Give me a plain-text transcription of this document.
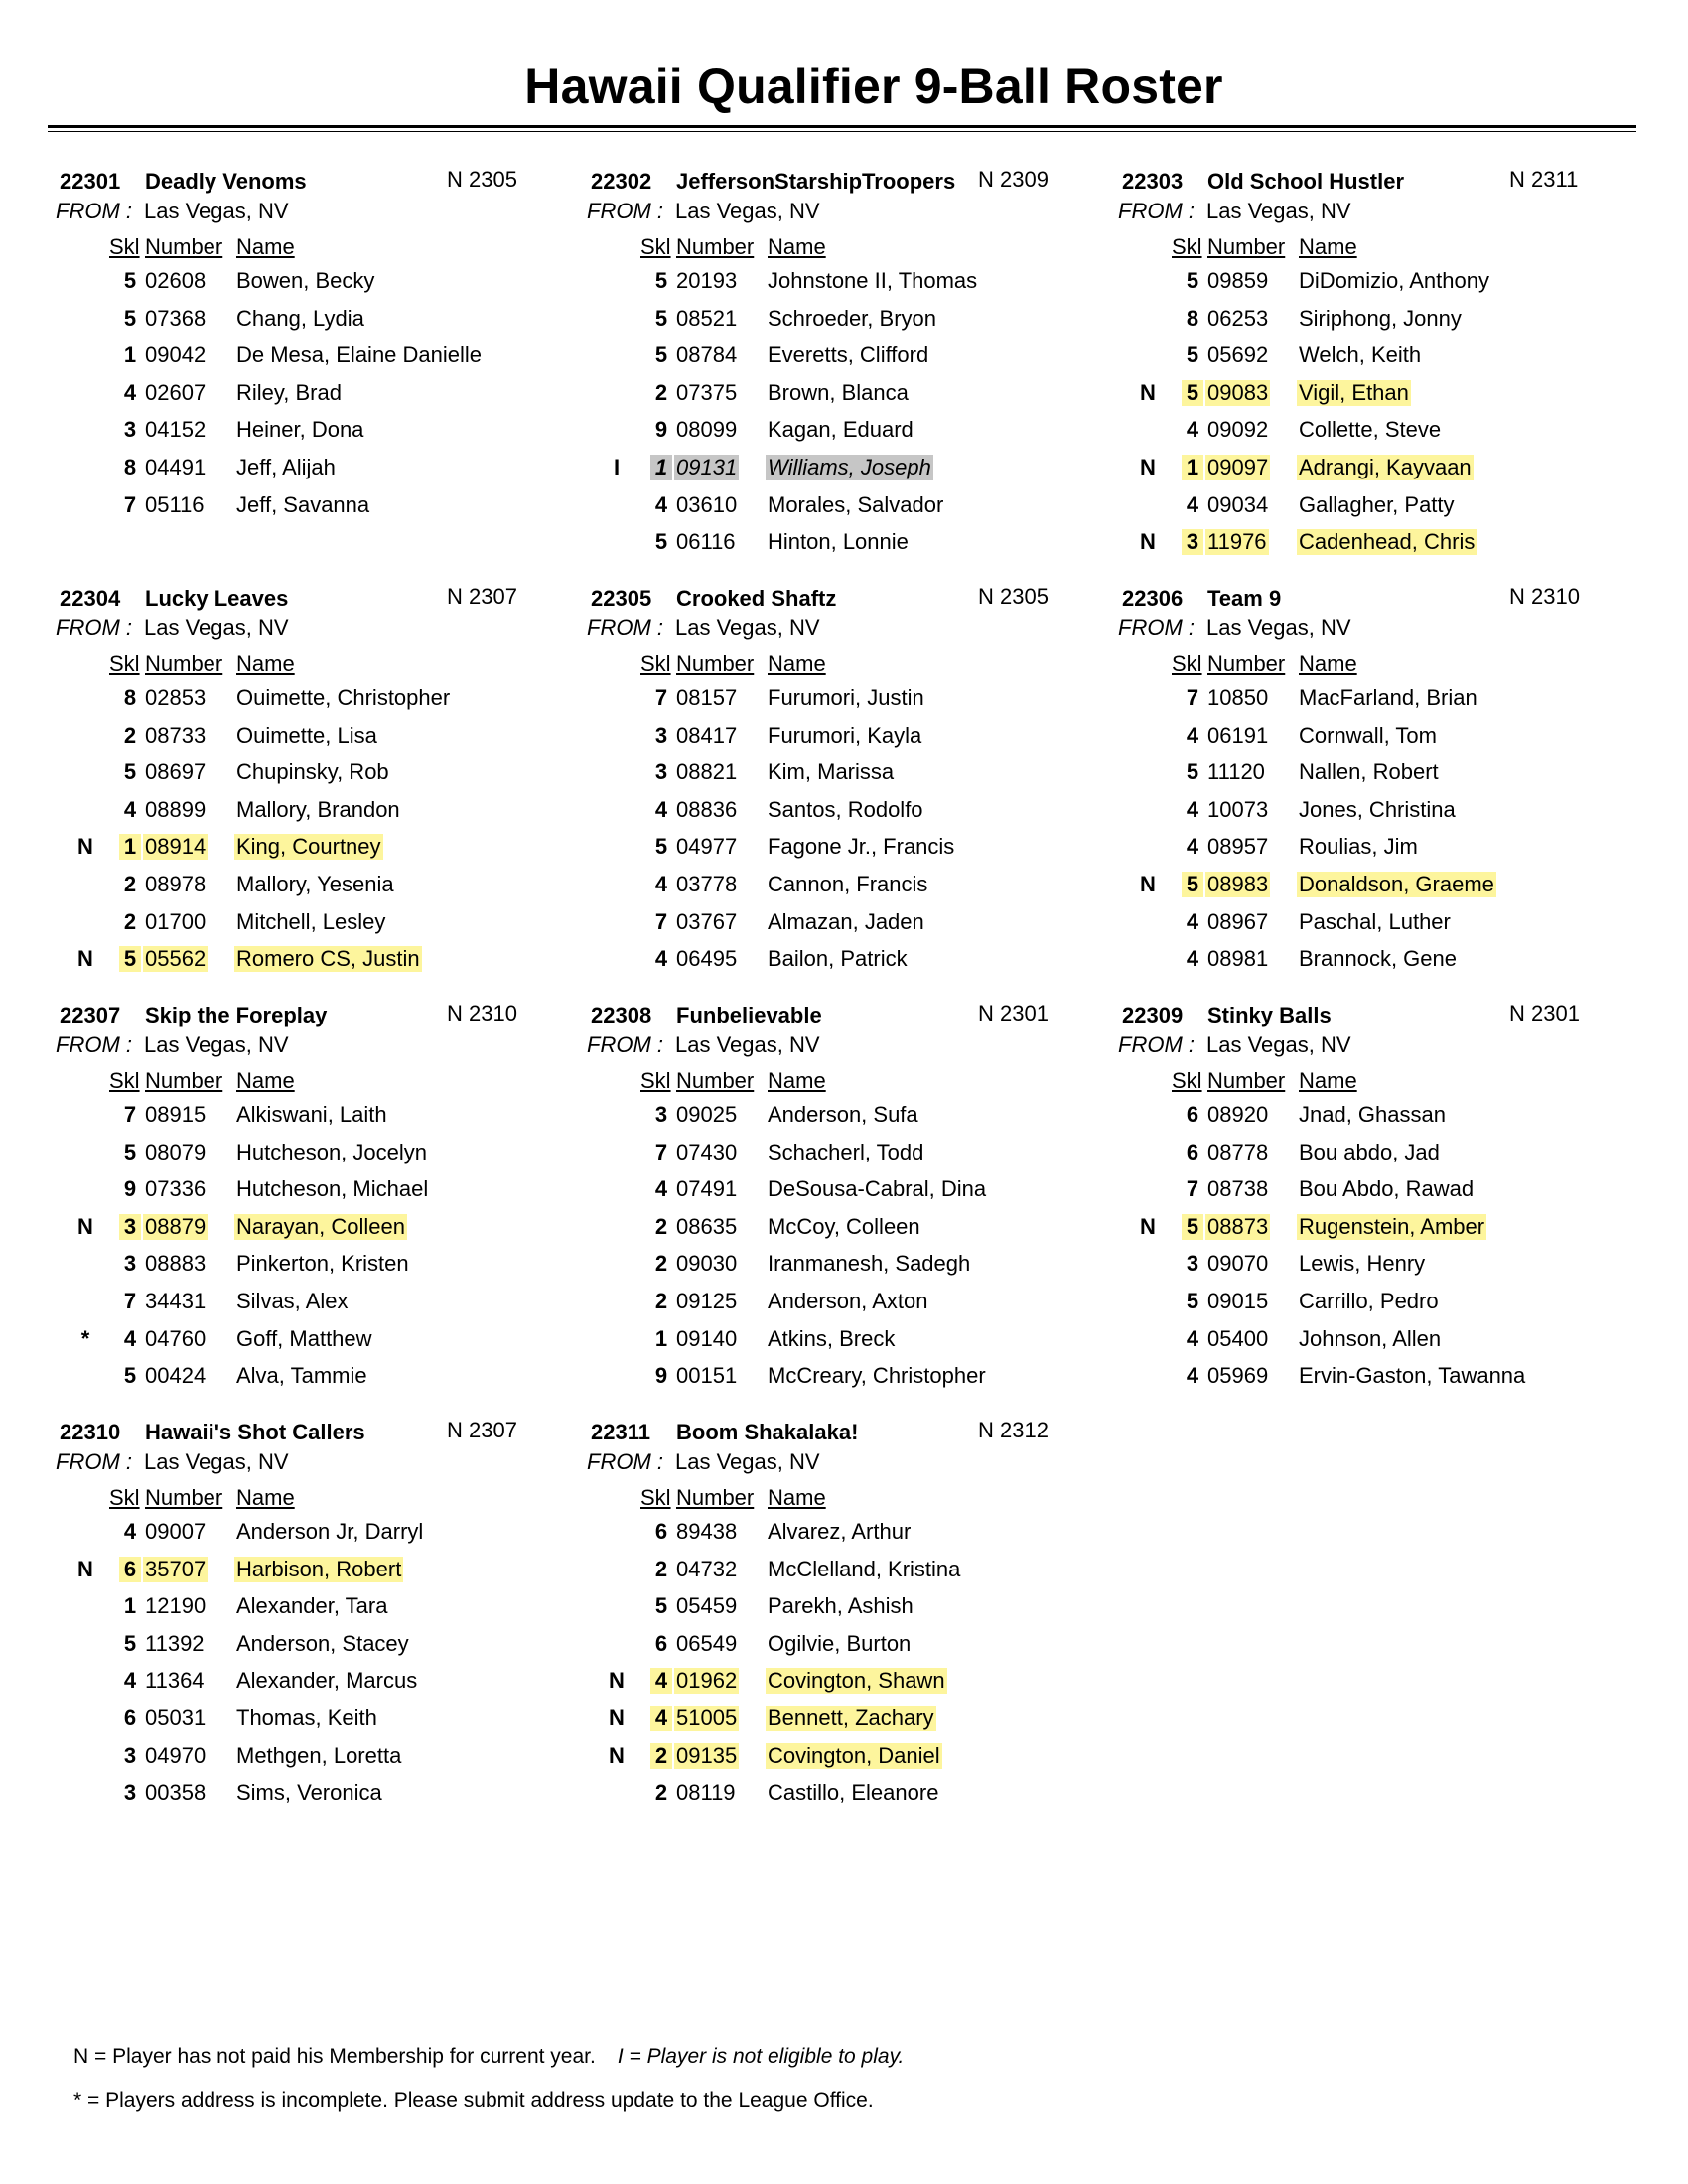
Hawaii Qualifier 9-Ball Roster
22301 Deadly Venoms	N 2305
FROM : Las Vegas, NV
Skl Number Name
5 02608 Bowen, Becky
5 07368 Chang, Lydia
1 09042 De Mesa, Elaine Danielle
4 02607 Riley, Brad
3 04152 Heiner, Dona
8 04491 Jeff, Alijah
7 05116 Jeff, Savanna
22302 JeffersonStarshipTroopers N 2309
FROM : Las Vegas, NV
Skl Number Name
5 20193 Johnstone II, Thomas
5 08521 Schroeder, Bryon
5 08784 Everetts, Clifford
2 07375 Brown, Blanca
9 08099 Kagan, Eduard
I	1 09131 Williams, Joseph
4 03610 Morales, Salvador
5 06116 Hinton, Lonnie
22303 Old School Hustler	N 2311
FROM : Las Vegas, NV
Skl Number Name
5 09859 DiDomizio, Anthony
8 06253 Siriphong, Jonny
5 05692 Welch, Keith
N 5 09083 Vigil, Ethan
4 09092 Collette, Steve
N 1 09097 Adrangi, Kayvaan
4 09034 Gallagher, Patty
N 3 11976 Cadenhead, Chris
22304 Lucky Leaves	N 2307
FROM : Las Vegas, NV
Skl Number Name
8 02853 Ouimette, Christopher
2 08733 Ouimette, Lisa
5 08697 Chupinsky, Rob
4 08899 Mallory, Brandon
N 1 08914 King, Courtney
2 08978 Mallory, Yesenia
2 01700 Mitchell, Lesley
N 5 05562 Romero CS, Justin
22305 Crooked Shaftz	N 2305
FROM : Las Vegas, NV
Skl Number Name
7 08157 Furumori, Justin
3 08417 Furumori, Kayla
3 08821 Kim, Marissa
4 08836 Santos, Rodolfo
5 04977 Fagone Jr., Francis
4 03778 Cannon, Francis
7 03767 Almazan, Jaden
4 06495 Bailon, Patrick
22306 Team 9	N 2310
FROM : Las Vegas, NV
Skl Number Name
7 10850 MacFarland, Brian
4 06191 Cornwall, Tom
5 11120 Nallen, Robert
4 10073 Jones, Christina
4 08957 Roulias, Jim
N 5 08983 Donaldson, Graeme
4 08967 Paschal, Luther
4 08981 Brannock, Gene
22307 Skip the Foreplay	N 2310
FROM : Las Vegas, NV
Skl Number Name
7 08915 Alkiswani, Laith
5 08079 Hutcheson, Jocelyn
9 07336 Hutcheson, Michael
N 3 08879 Narayan, Colleen
3 08883 Pinkerton, Kristen
7 34431 Silvas, Alex
* 4 04760 Goff, Matthew
5 00424 Alva, Tammie
22308 Funbelievable	N 2301
FROM : Las Vegas, NV
Skl Number Name
3 09025 Anderson, Sufa
7 07430 Schacherl, Todd
4 07491 DeSousa-Cabral, Dina
2 08635 McCoy, Colleen
2 09030 Iranmanesh, Sadegh
2 09125 Anderson, Axton
1 09140 Atkins, Breck
9 00151 McCreary, Christopher
22309 Stinky Balls	N 2301
FROM : Las Vegas, NV
Skl Number Name
6 08920 Jnad, Ghassan
6 08778 Bou abdo, Jad
7 08738 Bou Abdo, Rawad
N 5 08873 Rugenstein, Amber
3 09070 Lewis, Henry
5 09015 Carrillo, Pedro
4 05400 Johnson, Allen
4 05969 Ervin-Gaston, Tawanna
22310 Hawaii's Shot Callers	N 2307
FROM : Las Vegas, NV
Skl Number Name
4 09007 Anderson Jr, Darryl
N 6 35707 Harbison, Robert
1 12190 Alexander, Tara
5 11392 Anderson, Stacey
4 11364 Alexander, Marcus
6 05031 Thomas, Keith
3 04970 Methgen, Loretta
3 00358 Sims, Veronica
22311 Boom Shakalaka!	N 2312
FROM : Las Vegas, NV
Skl Number Name
6 89438 Alvarez, Arthur
2 04732 McClelland, Kristina
5 05459 Parekh, Ashish
6 06549 Ogilvie, Burton
N 4 01962 Covington, Shawn
N 4 51005 Bennett, Zachary
N 2 09135 Covington, Daniel
2 08119 Castillo, Eleanore
N = Player has not paid his Membership for current year. I = Player is not eligible to play.
* = Players address is incomplete. Please submit address update to the League Office.
